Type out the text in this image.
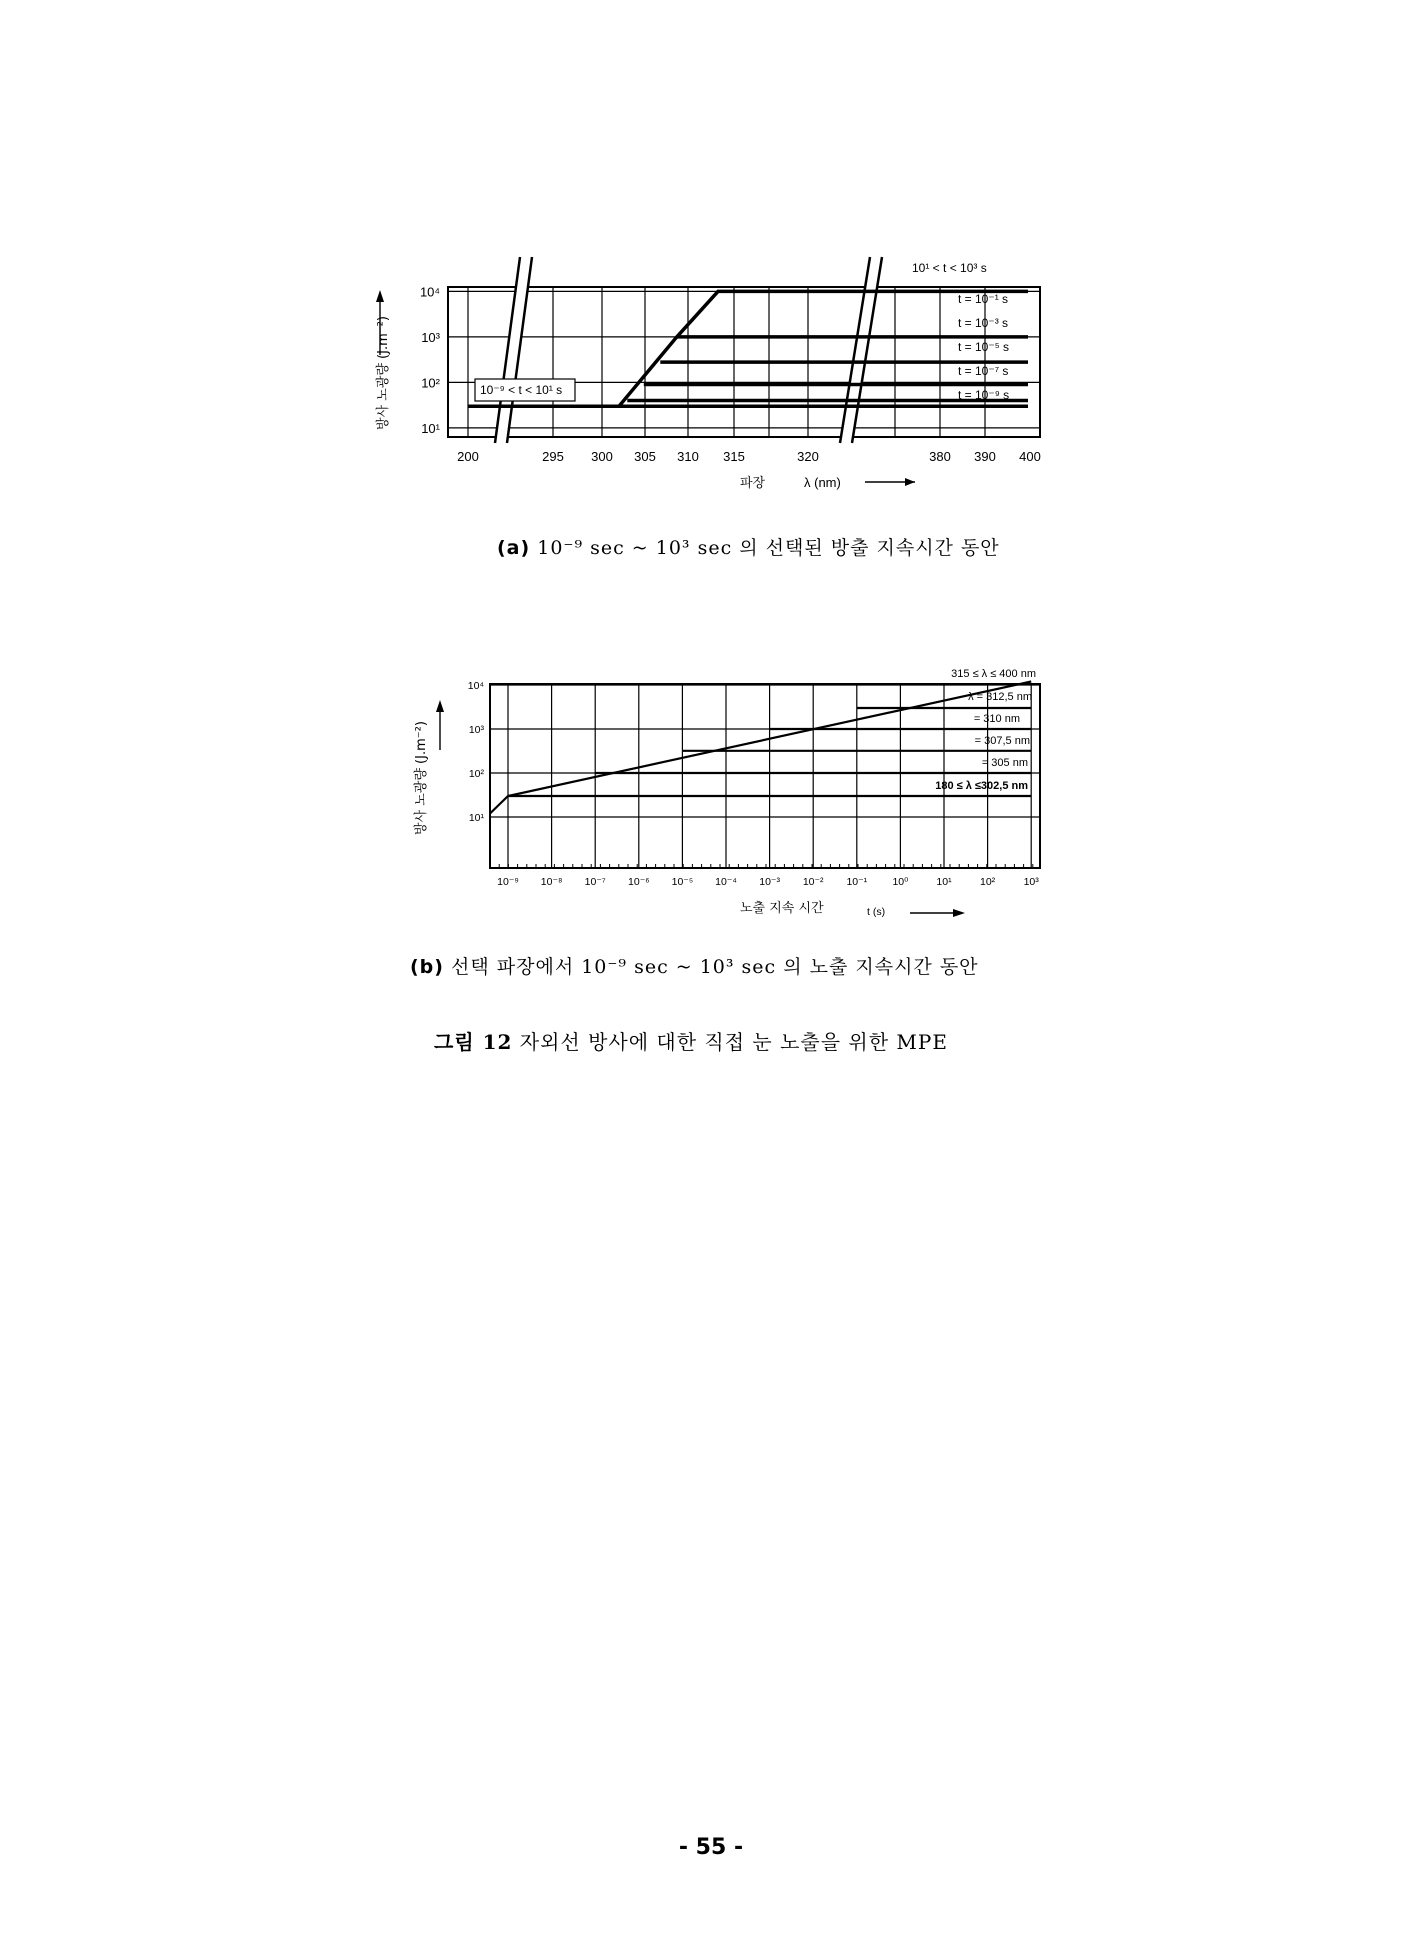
10¹
10²
10³
10⁴
200	295 300 305 310 315	320	380 390 400
10¹ < t < 10³ s
t = 10⁻¹ s
t = 10⁻³ s
t = 10⁻⁵ s
t = 10⁻⁷ s
t = 10⁻⁹ s
10⁻⁹ < t < 10¹ s
방사 노광량 (J.m⁻²)
파장	λ (nm)
10¹
10²
10³
10⁴
10⁻⁹ 10⁻⁸ 10⁻⁷ 10⁻⁶ 10⁻⁵ 10⁻⁴ 10⁻³ 10⁻² 10⁻¹ 10⁰	10¹	10²	10³
315 ≤ λ ≤ 400 nm
λ = 312,5 nm
= 310 nm
= 307,5 nm
= 305 nm
180 ≤ λ ≤302,5 nm
방사 노광량 (J.m⁻²)
노출 지속 시간	t (s)
(a) 10⁻⁹ sec ~ 10³ sec 의 선택된 방출 지속시간 동안
(b) 선택 파장에서 10⁻⁹ sec ~ 10³ sec 의 노출 지속시간 동안
그림 12 자외선 방사에 대한 직접 눈 노출을 위한 MPE
- 55 -
